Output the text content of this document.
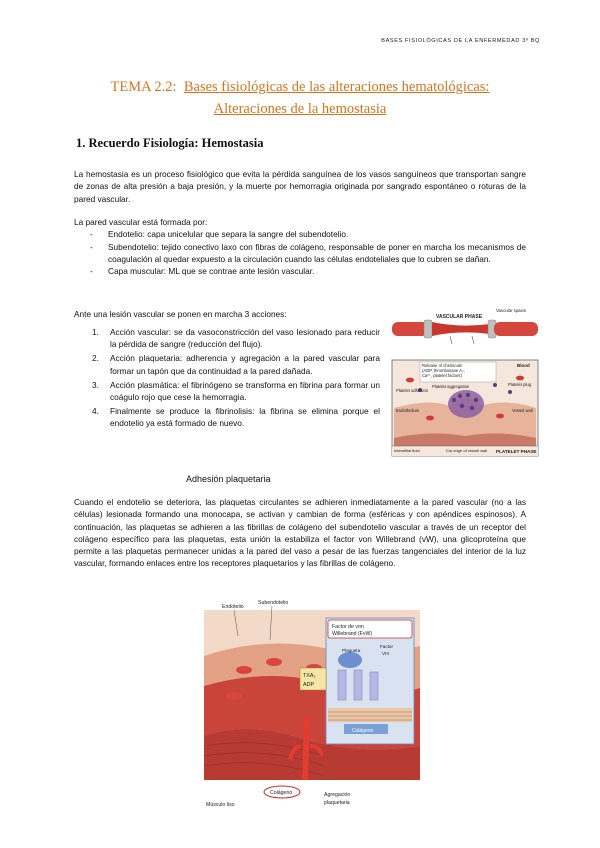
BASES FISIOLÓGICAS DE LA ENFERMEDAD 3º BQ
TEMA 2.2: Bases fisiológicas de las alteraciones hematológicas:
Alteraciones de la hemostasia
1. Recuerdo Fisiología: Hemostasia
La hemostasia es un proceso fisiológico que evita la pérdida sanguínea de los vasos sanguíneos que transportan sangre de zonas de alta presión a baja presión, y la muerte por hemorragia originada por sangrado espontáneo o roturas de la pared vascular.
La pared vascular está formada por:
- Endotelio: capa unicelular que separa la sangre del subendotelio.
- Subendotelio: tejido conectivo laxo con fibras de colágeno, responsable de poner en marcha los mecanismos de coagulación al quedar expuesto a la circulación cuando las células endoteliales que lo cubren se dañan.
- Capa muscular: ML que se contrae ante lesión vascular.
Ante una lesión vascular se ponen en marcha 3 acciones:
1. Acción vascular: se da vasoconstricción del vaso lesionado para reducir la pérdida de sangre (reducción del flujo).
2. Acción plaquetaria: adherencia y agregación a la pared vascular para formar un tapón que da continuidad a la pared dañada.
3. Acción plasmática: el fibrinógeno se transforma en fibrina para formar un coágulo rojo que cese la hemorragia.
4. Finalmente se produce la fibrinolisis: la fibrina se elimina porque el endotelio ya está formado de nuevo.
VASCULAR PHASE
Vascular spasm
Release of chemicals
(ADP, thromboxane A₂,
Ca²⁺, platelet factors)
Blood
Platelet adhesion
Platelet aggregation	Platelet plug
Endothelium	Vessel wall
Interstitial fluid	Cut edge of vessel wall PLATELET PHASE
Adhesión plaquetaria
Cuando el endotelio se deteriora, las plaquetas circulantes se adhieren inmediatamente a la pared vascular (no a las células) lesionada formando una monocapa, se activan y cambian de forma (esféricas y con apéndices espinosos). A continuación, las plaquetas se adhieren a las fibrillas de colágeno del subendotelio vascular a través de un receptor del colágeno específico para las plaquetas, esta unión la estabiliza el factor von Willebrand (vW), una glicoproteína que permite a las plaquetas permanecer unidas a la pared del vaso a pesar de las fuerzas tangenciales del interior de la luz vascular, formando enlaces entre los receptores plaquetarios y las fibrillas de colágeno.
Factor de von
Willebrand (FvW)
Plaqueta
Factor
VIII
Colágeno
TXA₂
ADP
Endotelio
Subendotelio
Colágeno
Músculo liso
Agregación
plaquetaria
